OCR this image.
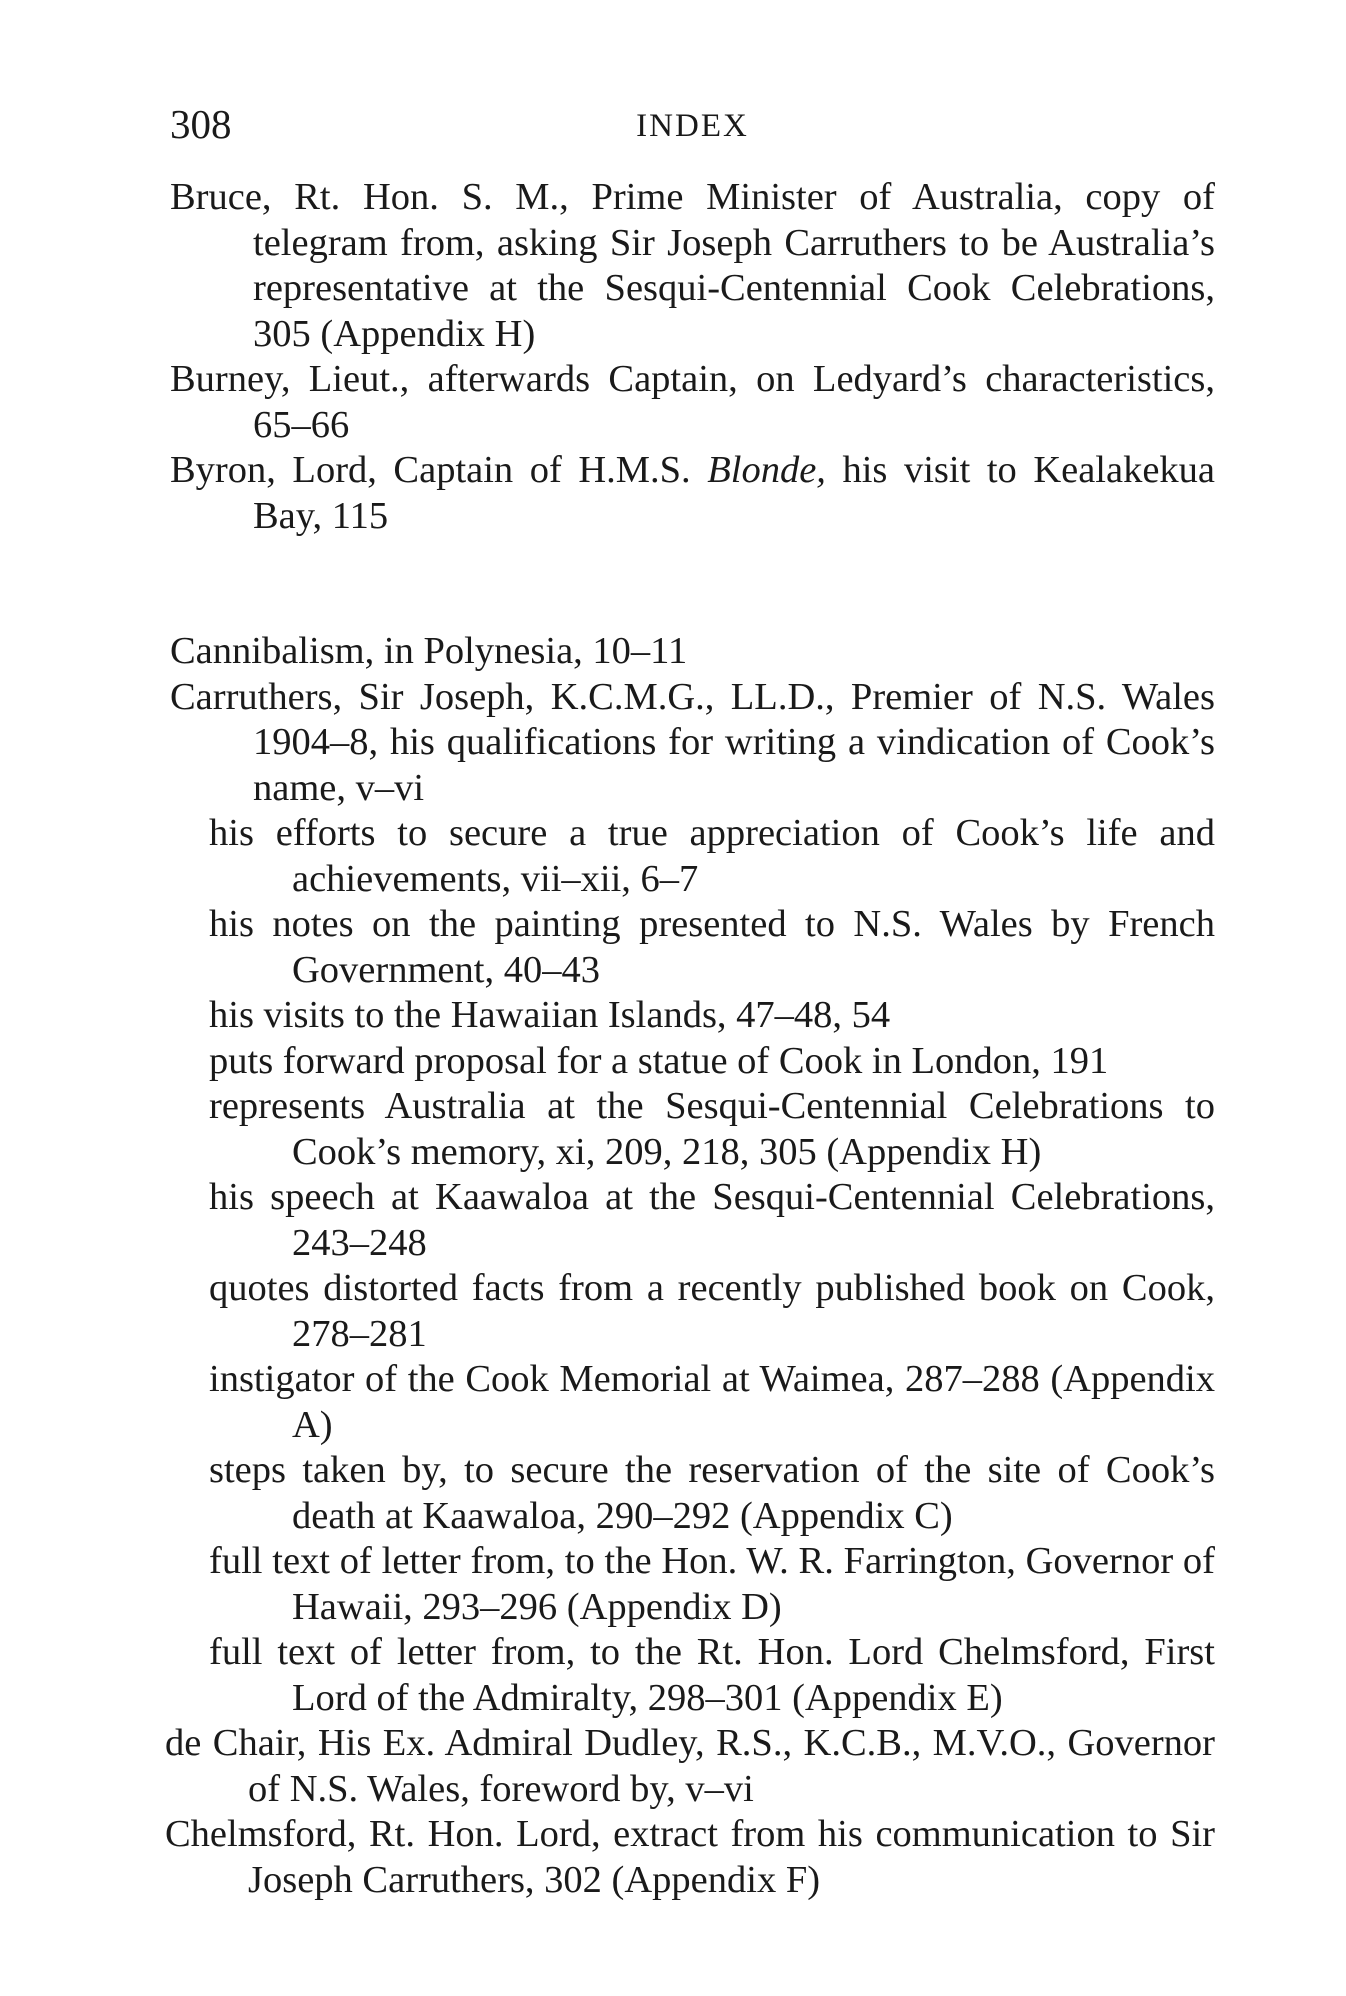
308	INDEX

Bruce, Rt. Hon. S. M., Prime Minister of Australia, copy of telegram from, asking Sir Joseph Carruthers to be Australia’s representative at the Sesqui-Centennial Cook Celebrations, 305 (Appendix H)

Burney, Lieut., afterwards Captain, on Ledyard’s characteristics, 65–66

Byron, Lord, Captain of H.M.S. Blonde, his visit to Kealakekua Bay, 115

Cannibalism, in Polynesia, 10–11

Carruthers, Sir Joseph, K.C.M.G., LL.D., Premier of N.S. Wales 1904–8, his qualifications for writing a vindication of Cook’s name, v–vi

his efforts to secure a true appreciation of Cook’s life and achievements, vii–xii, 6–7

his notes on the painting presented to N.S. Wales by French Government, 40–43

his visits to the Hawaiian Islands, 47–48, 54

puts forward proposal for a statue of Cook in London, 191

represents Australia at the Sesqui-Centennial Celebrations to Cook’s memory, xi, 209, 218, 305 (Appendix H)

his speech at Kaawaloa at the Sesqui-Centennial Celebrations, 243–248

quotes distorted facts from a recently published book on Cook, 278–281

instigator of the Cook Memorial at Waimea, 287–288 (Appendix A)

steps taken by, to secure the reservation of the site of Cook’s death at Kaawaloa, 290–292 (Appendix C)

full text of letter from, to the Hon. W. R. Farrington, Governor of Hawaii, 293–296 (Appendix D)

full text of letter from, to the Rt. Hon. Lord Chelmsford, First Lord of the Admiralty, 298–301 (Appendix E)

de Chair, His Ex. Admiral Dudley, R.S., K.C.B., M.V.O., Governor of N.S. Wales, foreword by, v–vi

Chelmsford, Rt. Hon. Lord, extract from his communication to Sir Joseph Carruthers, 302 (Appendix F)
